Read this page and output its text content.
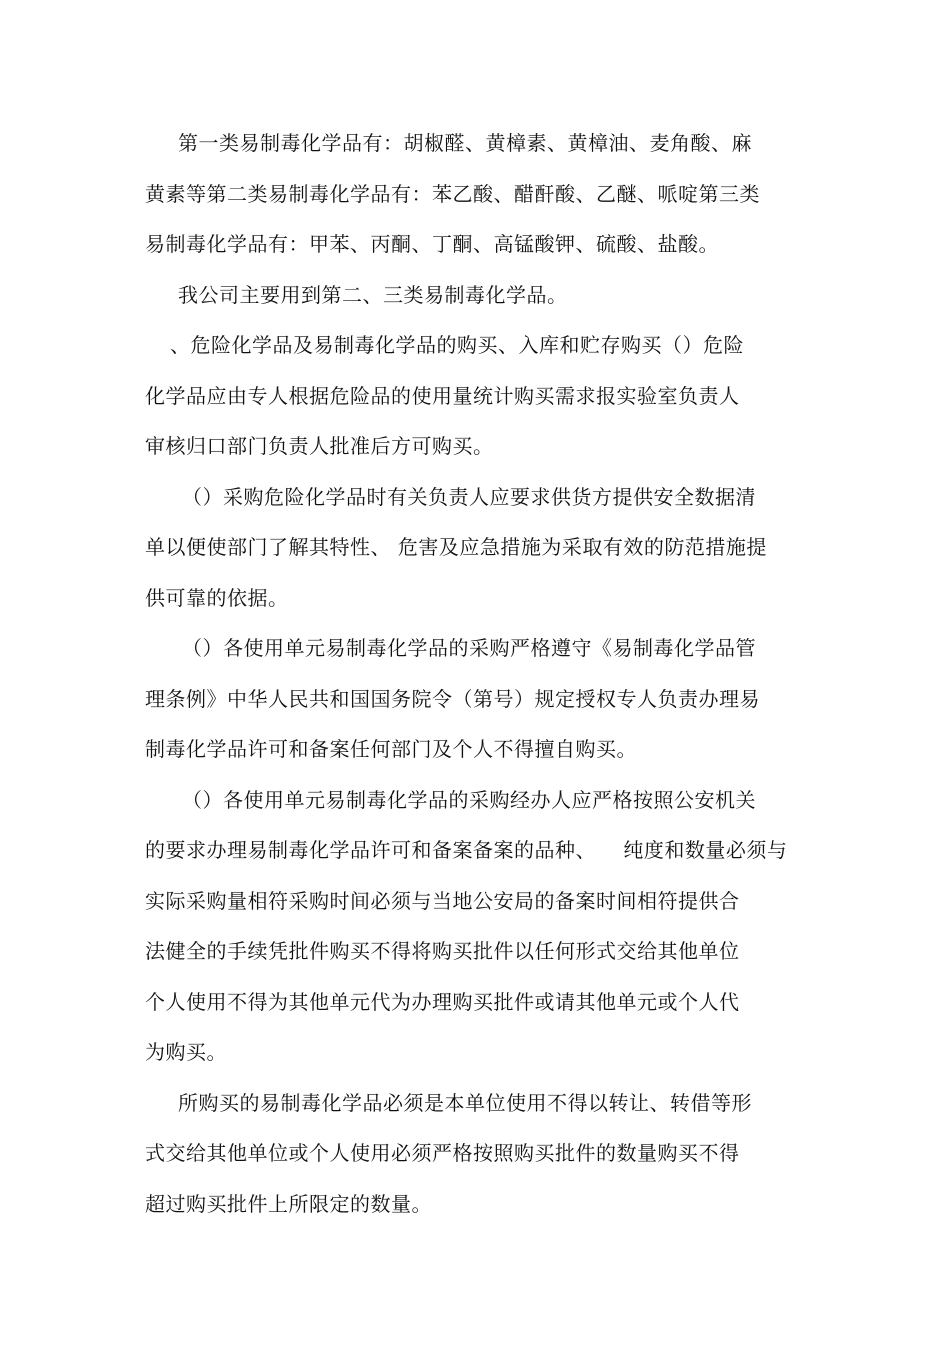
第一类易制毒化学品有：胡椒醛、黄樟素、黄樟油、麦角酸、麻
黄素等第二类易制毒化学品有：苯乙酸、醋酐酸、乙醚、哌啶第三类
易制毒化学品有：甲苯、丙酮、丁酮、高锰酸钾、硫酸、盐酸。
我公司主要用到第二、三类易制毒化学品。
、危险化学品及易制毒化学品的购买、入库和贮存购买（）危险
化学品应由专人根据危险品的使用量统计购买需求报实验室负责人
审核归口部门负责人批准后方可购买。
（）采购危险化学品时有关负责人应要求供货方提供安全数据清
单以便使部门了解其特性、 危害及应急措施为采取有效的防范措施提
供可靠的依据。
（）各使用单元易制毒化学品的采购严格遵守《易制毒化学品管
理条例》中华人民共和国国务院令（第号）规定授权专人负责办理易
制毒化学品许可和备案任何部门及个人不得擅自购买。
（）各使用单元易制毒化学品的采购经办人应严格按照公安机关
的要求办理易制毒化学品许可和备案备案的品种、    纯度和数量必须与
实际采购量相符采购时间必须与当地公安局的备案时间相符提供合
法健全的手续凭批件购买不得将购买批件以任何形式交给其他单位
个人使用不得为其他单元代为办理购买批件或请其他单元或个人代
为购买。
所购买的易制毒化学品必须是本单位使用不得以转让、转借等形
式交给其他单位或个人使用必须严格按照购买批件的数量购买不得
超过购买批件上所限定的数量。
